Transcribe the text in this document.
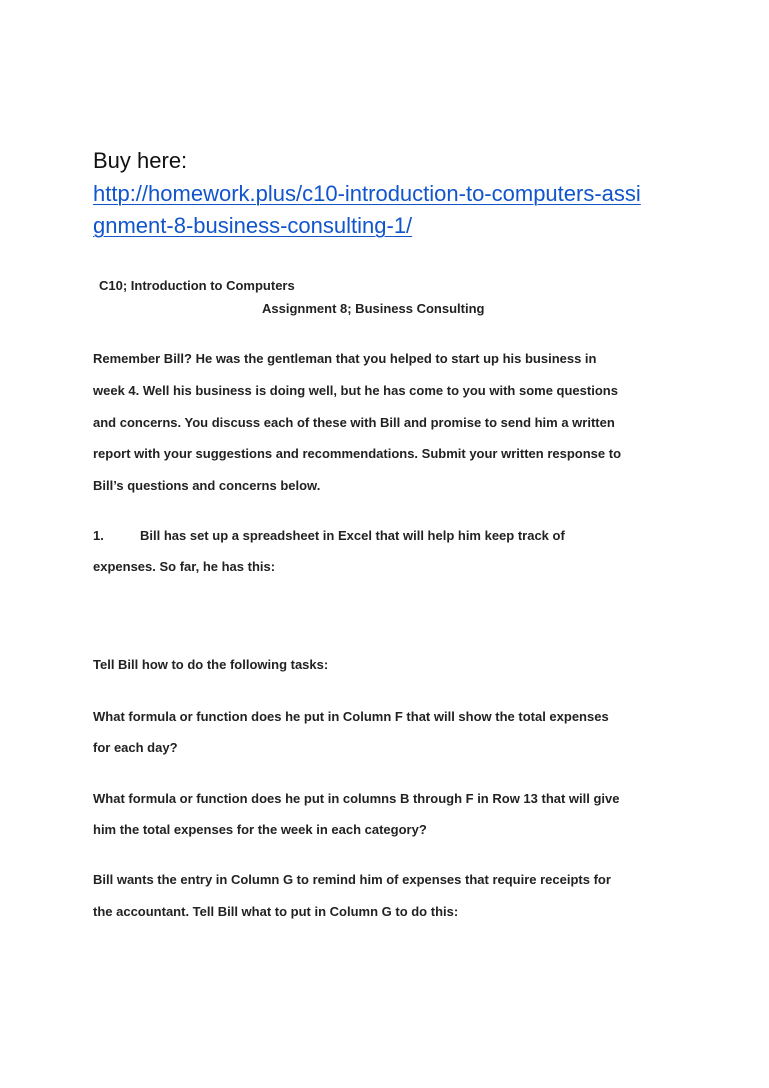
Buy here:
http://homework.plus/c10-introduction-to-computers-assi
gnment-8-business-consulting-1/
C10; Introduction to Computers
Assignment 8; Business Consulting
Remember Bill? He was the gentleman that you helped to start up his business in
week 4. Well his business is doing well, but he has come to you with some questions
and concerns. You discuss each of these with Bill and promise to send him a written
report with your suggestions and recommendations. Submit your written response to
Bill’s questions and concerns below.
1.	Bill has set up a spreadsheet in Excel that will help him keep track of
expenses. So far, he has this:
Tell Bill how to do the following tasks:
What formula or function does he put in Column F that will show the total expenses
for each day?
What formula or function does he put in columns B through F in Row 13 that will give
him the total expenses for the week in each category?
Bill wants the entry in Column G to remind him of expenses that require receipts for
the accountant. Tell Bill what to put in Column G to do this:
